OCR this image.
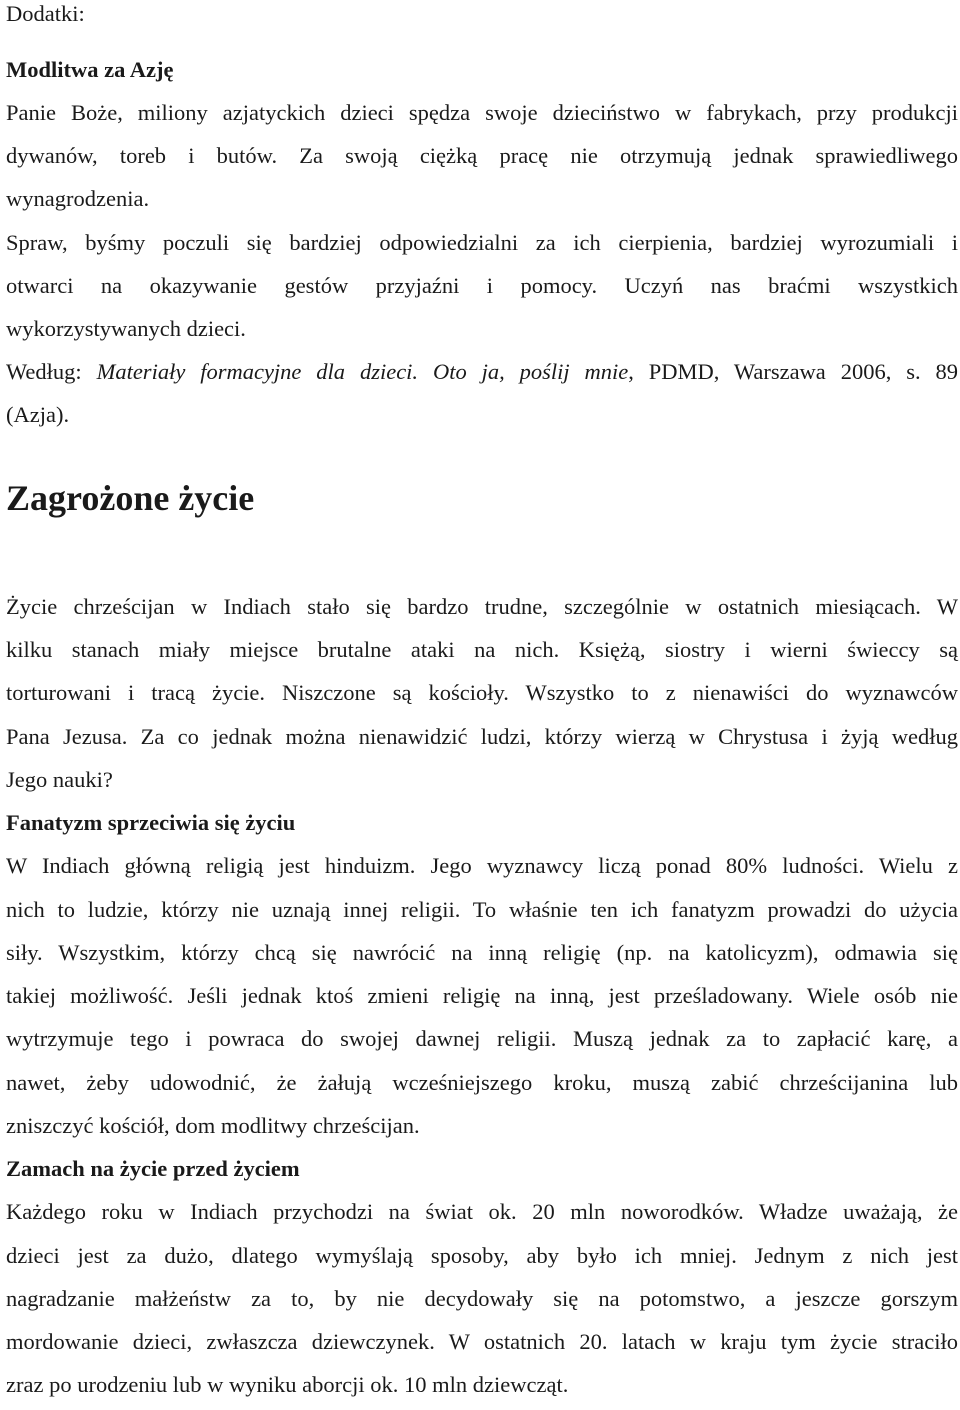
Dodatki:
Modlitwa za Azję
Panie Boże, miliony azjatyckich dzieci spędza swoje dzieciństwo w fabrykach, przy produkcji
dywanów, toreb i butów. Za swoją ciężką pracę nie otrzymują jednak sprawiedliwego
wynagrodzenia.
Spraw, byśmy poczuli się bardziej odpowiedzialni za ich cierpienia, bardziej wyrozumiali i
otwarci na okazywanie gestów przyjaźni i pomocy. Uczyń nas braćmi wszystkich
wykorzystywanych dzieci.
Według: Materiały formacyjne dla dzieci. Oto ja, poślij mnie, PDMD, Warszawa 2006, s. 89
(Azja).
Zagrożone życie
Życie chrześcijan w Indiach stało się bardzo trudne, szczególnie w ostatnich miesiącach. W
kilku stanach miały miejsce brutalne ataki na nich. Księżą, siostry i wierni świeccy są
torturowani i tracą życie. Niszczone są kościoły. Wszystko to z nienawiści do wyznawców
Pana Jezusa. Za co jednak można nienawidzić ludzi, którzy wierzą w Chrystusa i żyją według
Jego nauki?
Fanatyzm sprzeciwia się życiu
W Indiach główną religią jest hinduizm. Jego wyznawcy liczą ponad 80% ludności. Wielu z
nich to ludzie, którzy nie uznają innej religii. To właśnie ten ich fanatyzm prowadzi do użycia
siły. Wszystkim, którzy chcą się nawrócić na inną religię (np. na katolicyzm), odmawia się
takiej możliwość. Jeśli jednak ktoś zmieni religię na inną, jest prześladowany. Wiele osób nie
wytrzymuje tego i powraca do swojej dawnej religii. Muszą jednak za to zapłacić karę, a
nawet, żeby udowodnić, że żałują wcześniejszego kroku, muszą zabić chrześcijanina lub
zniszczyć kościół, dom modlitwy chrześcijan.
Zamach na życie przed życiem
Każdego roku w Indiach przychodzi na świat ok. 20 mln noworodków. Władze uważają, że
dzieci jest za dużo, dlatego wymyślają sposoby, aby było ich mniej. Jednym z nich jest
nagradzanie małżeństw za to, by nie decydowały się na potomstwo, a jeszcze gorszym
mordowanie dzieci, zwłaszcza dziewczynek. W ostatnich 20. latach w kraju tym życie straciło
zraz po urodzeniu lub w wyniku aborcji ok. 10 mln dziewcząt.
